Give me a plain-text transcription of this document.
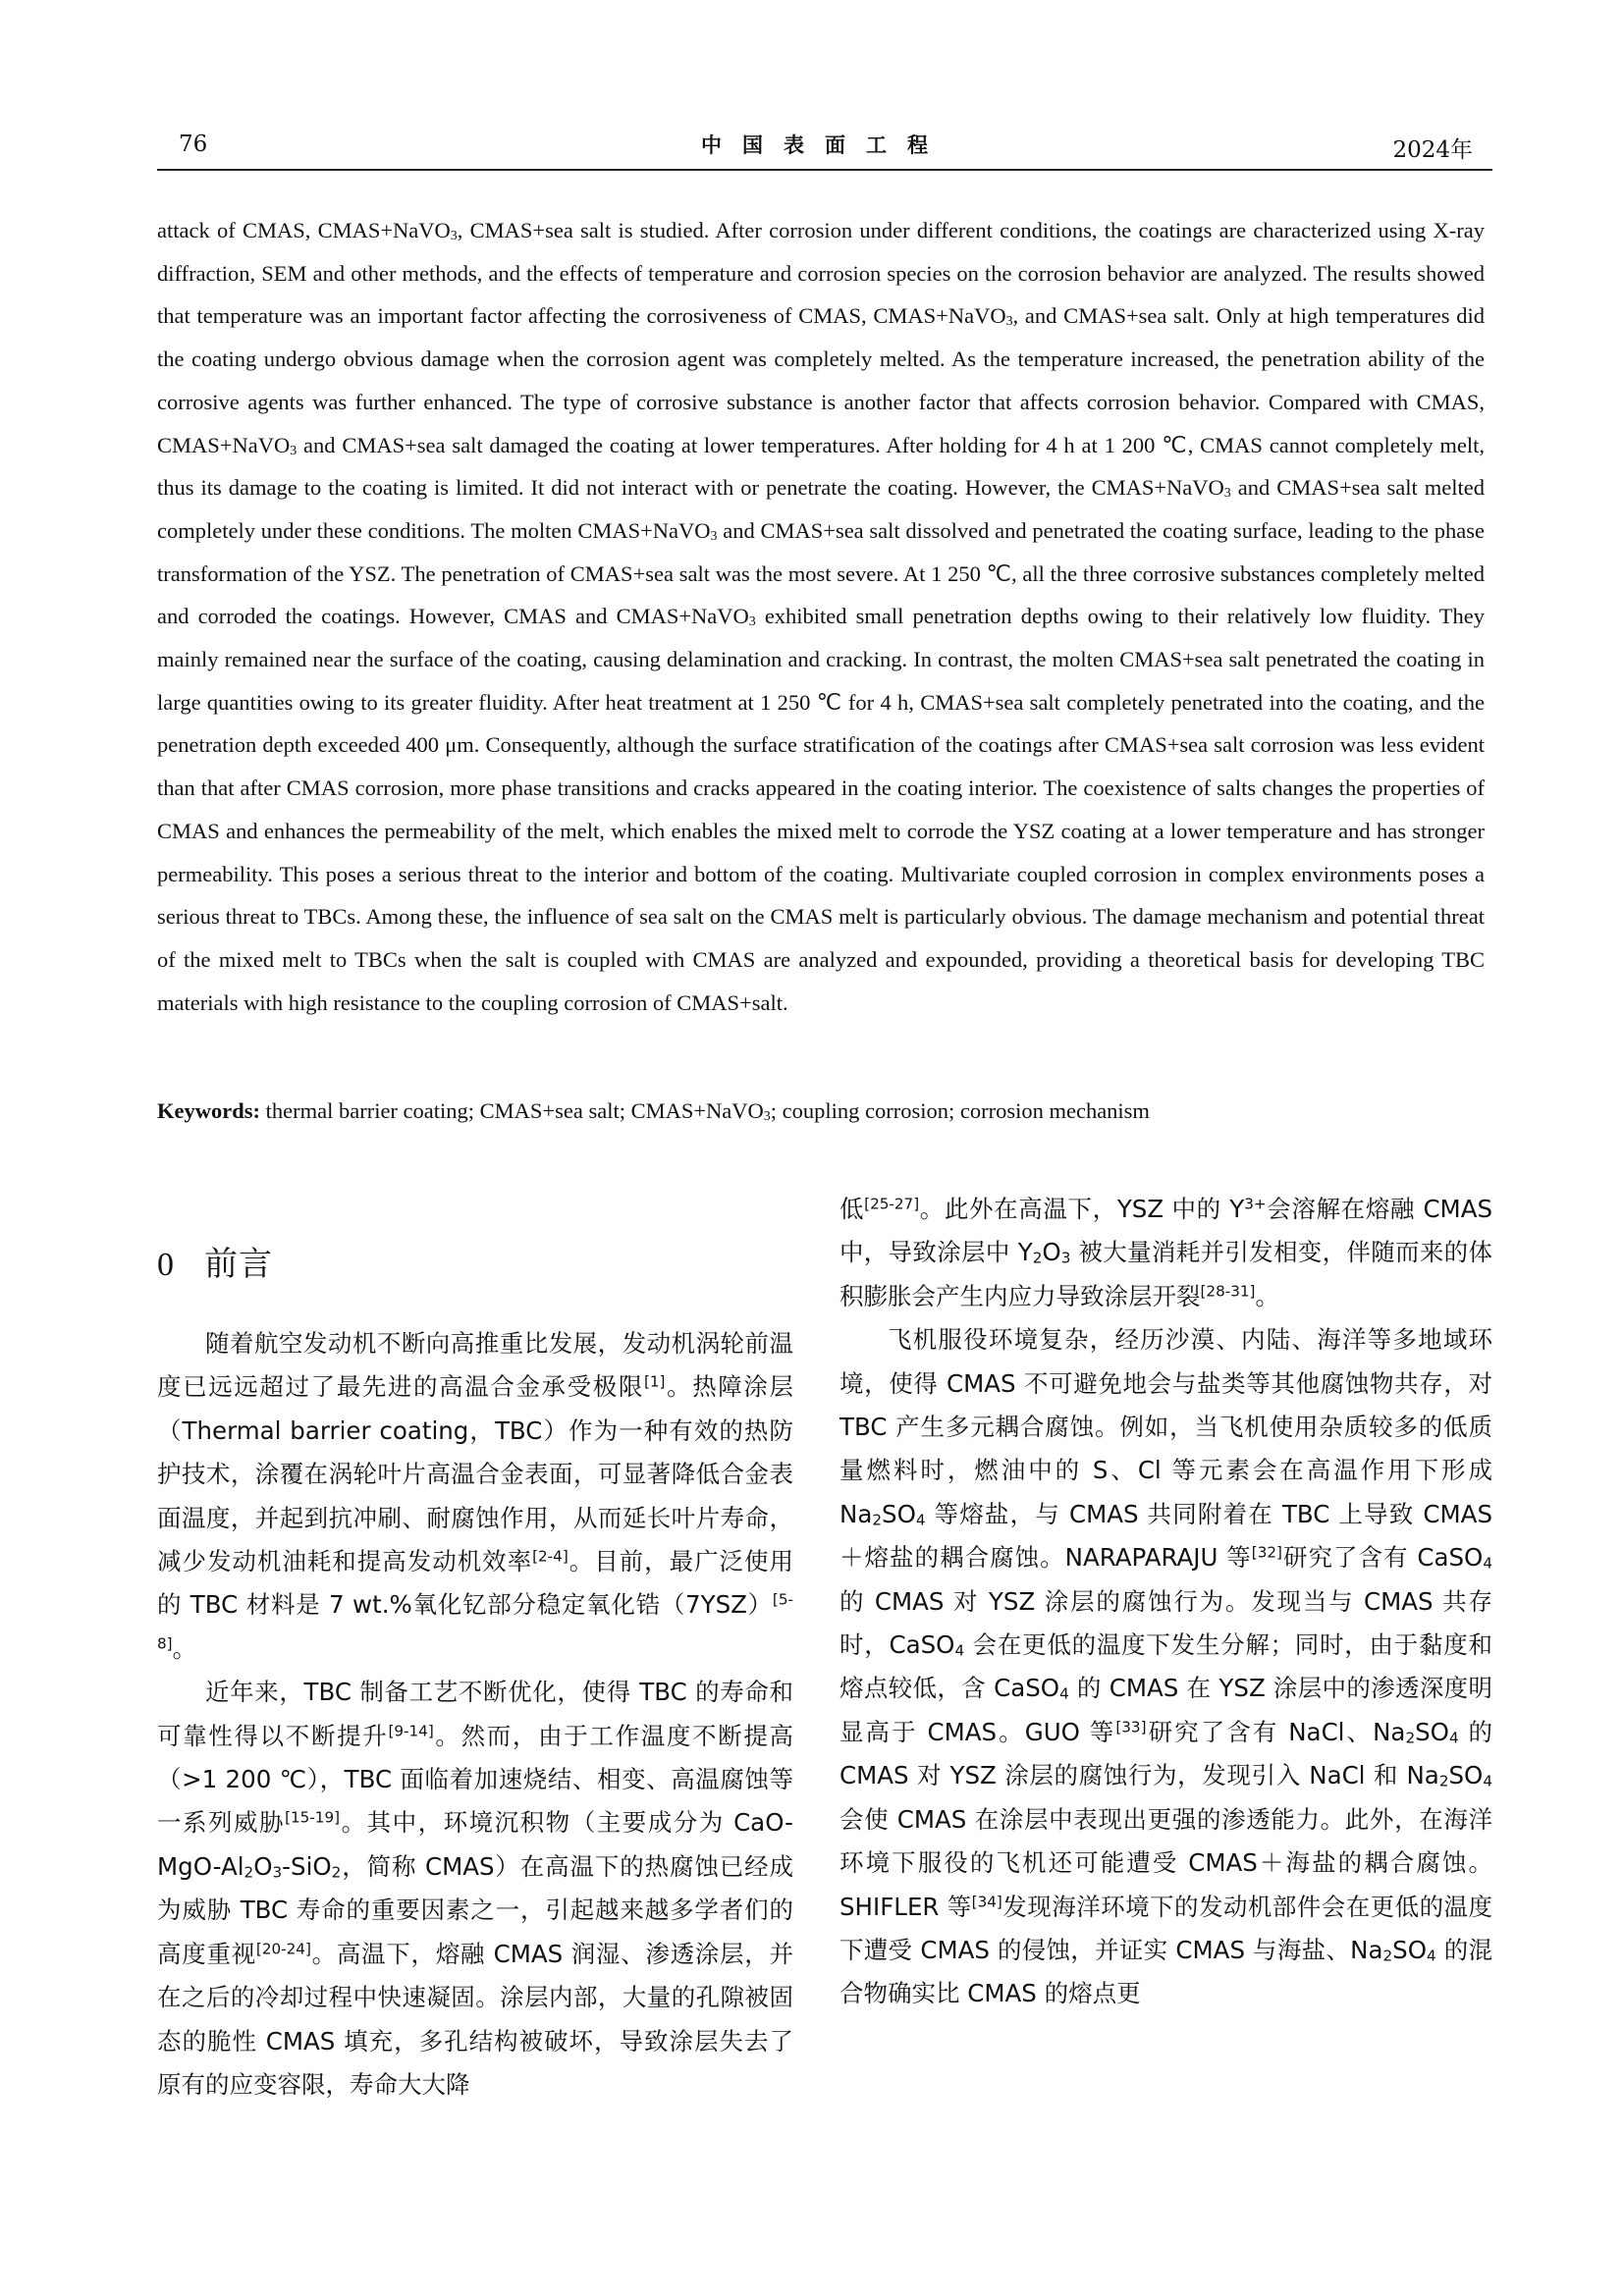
76	中国表面工程	2024年

attack of CMAS, CMAS+NaVO$_3$, CMAS+sea salt is studied. After corrosion under different conditions, the coatings are characterized using X-ray diffraction, SEM and other methods, and the effects of temperature and corrosion species on the corrosion behavior are analyzed. The results showed that temperature was an important factor affecting the corrosiveness of CMAS, CMAS+NaVO$_3$, and CMAS+sea salt. Only at high temperatures did the coating undergo obvious damage when the corrosion agent was completely melted. As the temperature increased, the penetration ability of the corrosive agents was further enhanced. The type of corrosive substance is another factor that affects corrosion behavior. Compared with CMAS, CMAS+NaVO$_3$ and CMAS+sea salt damaged the coating at lower temperatures. After holding for 4 h at 1 200 ℃, CMAS cannot completely melt, thus its damage to the coating is limited. It did not interact with or penetrate the coating. However, the CMAS+NaVO$_3$ and CMAS+sea salt melted completely under these conditions. The molten CMAS+NaVO$_3$ and CMAS+sea salt dissolved and penetrated the coating surface, leading to the phase transformation of the YSZ. The penetration of CMAS+sea salt was the most severe. At 1 250 ℃, all the three corrosive substances completely melted and corroded the coatings. However, CMAS and CMAS+NaVO$_3$ exhibited small penetration depths owing to their relatively low fluidity. They mainly remained near the surface of the coating, causing delamination and cracking. In contrast, the molten CMAS+sea salt penetrated the coating in large quantities owing to its greater fluidity. After heat treatment at 1 250 ℃ for 4 h, CMAS+sea salt completely penetrated into the coating, and the penetration depth exceeded 400 μm. Consequently, although the surface stratification of the coatings after CMAS+sea salt corrosion was less evident than that after CMAS corrosion, more phase transitions and cracks appeared in the coating interior. The coexistence of salts changes the properties of CMAS and enhances the permeability of the melt, which enables the mixed melt to corrode the YSZ coating at a lower temperature and has stronger permeability. This poses a serious threat to the interior and bottom of the coating. Multivariate coupled corrosion in complex environments poses a serious threat to TBCs. Among these, the influence of sea salt on the CMAS melt is particularly obvious. The damage mechanism and potential threat of the mixed melt to TBCs when the salt is coupled with CMAS are analyzed and expounded, providing a theoretical basis for developing TBC materials with high resistance to the coupling corrosion of CMAS+salt.

Keywords: thermal barrier coating; CMAS+sea salt; CMAS+NaVO$_3$; coupling corrosion; corrosion mechanism
0 前言

随着航空发动机不断向高推重比发展，发动机涡轮前温度已远远超过了最先进的高温合金承受极限[1]。热障涂层（Thermal barrier coating，TBC）作为一种有效的热防护技术，涂覆在涡轮叶片高温合金表面，可显著降低合金表面温度，并起到抗冲刷、耐腐蚀作用，从而延长叶片寿命，减少发动机油耗和提高发动机效率[2-4]。目前，最广泛使用的 TBC 材料是 7 wt.%氧化钇部分稳定氧化锆（7YSZ）[5-8]。

近年来，TBC 制备工艺不断优化，使得 TBC 的寿命和可靠性得以不断提升[9-14]。然而，由于工作温度不断提高（>1 200 ℃），TBC 面临着加速烧结、相变、高温腐蚀等一系列威胁[15-19]。其中，环境沉积物（主要成分为 CaO-$MgO-Al_2O_3-SiO_2$，简称 CMAS）在高温下的热腐蚀已经成为威胁 TBC 寿命的重要因素之一，引起越来越多学者们的高度重视[20-24]。高温下，熔融 CMAS 润湿、渗透涂层，并在之后的冷却过程中快速凝固。涂层内部，大量的孔隙被固态的脆性 CMAS 填充，多孔结构被破坏，导致涂层失去了原有的应变容限，寿命大大降

低[25-27]。此外在高温下，YSZ 中的 $Y^{3+}$会溶解在熔融 CMAS 中，导致涂层中 $Y_2O_3$ 被大量消耗并引发相变，伴随而来的体积膨胀会产生内应力导致涂层开裂[28-31]。

飞机服役环境复杂，经历沙漠、内陆、海洋等多地域环境，使得 CMAS 不可避免地会与盐类等其他腐蚀物共存，对 TBC 产生多元耦合腐蚀。例如，当飞机使用杂质较多的低质量燃料时，燃油中的 S、Cl 等元素会在高温作用下形成 $Na_2SO_4$ 等熔盐，与 CMAS 共同附着在 TBC 上导致 CMAS＋熔盐的耦合腐蚀。NARAPARAJU 等[32]研究了含有 CaSO$_4$ 的 CMAS 对 YSZ 涂层的腐蚀行为。发现当与 CMAS 共存时，CaSO$_4$ 会在更低的温度下发生分解；同时，由于黏度和熔点较低，含 CaSO$_4$ 的 CMAS 在 YSZ 涂层中的渗透深度明显高于 CMAS。GUO 等[33]研究了含有 NaCl、$Na_2SO_4$ 的 CMAS 对 YSZ 涂层的腐蚀行为，发现引入 NaCl 和 $Na_2SO_4$ 会使 CMAS 在涂层中表现出更强的渗透能力。此外，在海洋环境下服役的飞机还可能遭受 CMAS＋海盐的耦合腐蚀。SHIFLER 等[34]发现海洋环境下的发动机部件会在更低的温度下遭受 CMAS 的侵蚀，并证实 CMAS 与海盐、$Na_2SO_4$ 的混合物确实比 CMAS 的熔点更
